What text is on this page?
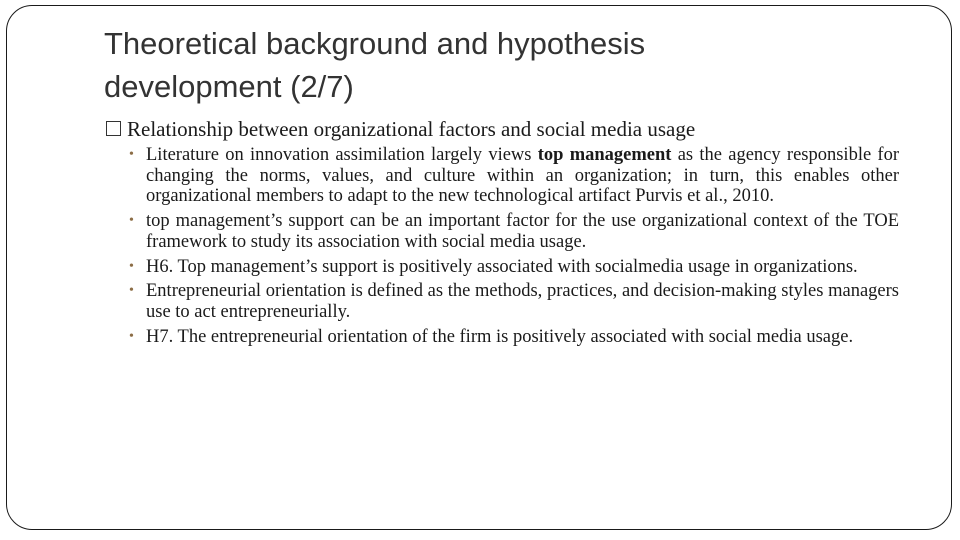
Theoretical background and hypothesis
development (2/7)

Relationship between organizational factors and social media usage

• Literature on innovation assimilation largely views top management as the agency responsible for changing the norms, values, and culture within an organization; in turn, this enables other organizational members to adapt to the new technological artifact Purvis et al., 2010.
• top management’s support can be an important factor for the use organizational context of the TOE framework to study its association with social media usage.
• H6. Top management’s support is positively associated with socialmedia usage in organizations.
• Entrepreneurial orientation is defined as the methods, practices, and decision-making styles managers use to act entrepreneurially.
• H7. The entrepreneurial orientation of the firm is positively associated with social media usage.
